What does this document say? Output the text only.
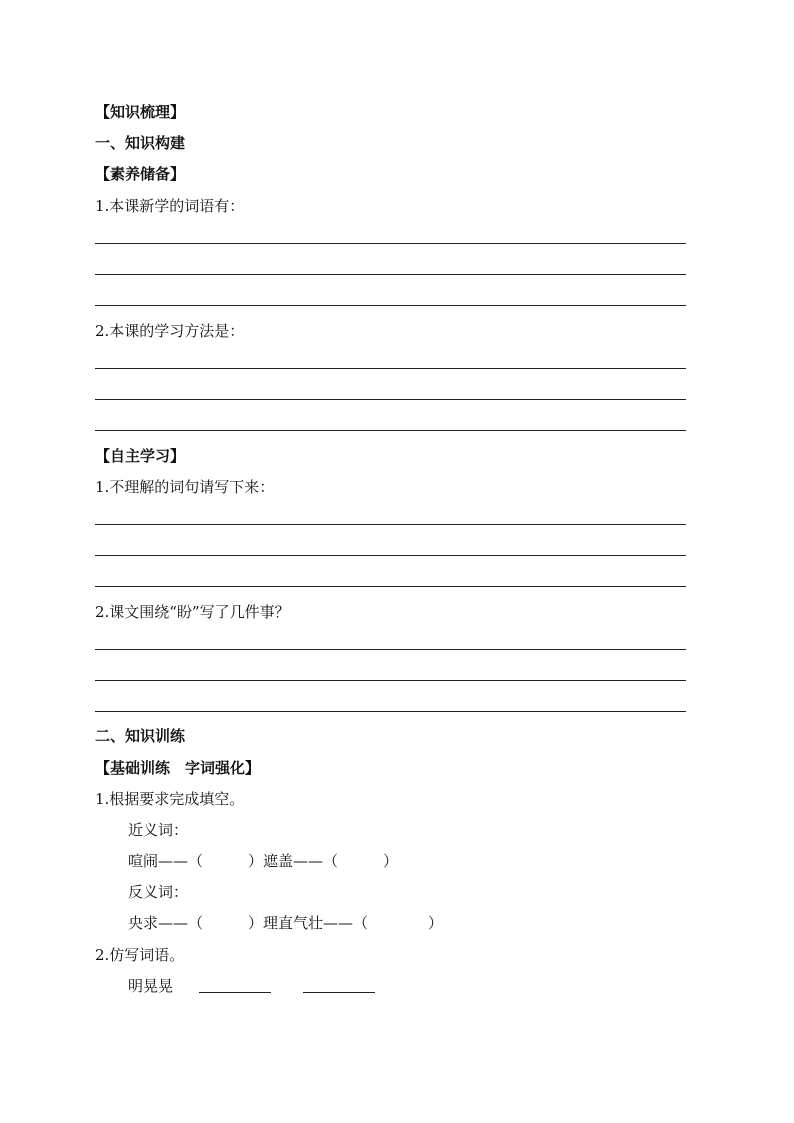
【知识梳理】
一、知识构建
【素养储备】
1.本课新学的词语有：
2.本课的学习方法是：
【自主学习】
1.不理解的词句请写下来：
2.课文围绕“盼”写了几件事？
二、知识训练
【基础训练　字词强化】
1.根据要求完成填空。
近义词：
喧闹——（　　　）遮盖——（　　　）
反义词：
央求——（　　　）理直气壮——（　　　　）
2.仿写词语。
明晃晃
